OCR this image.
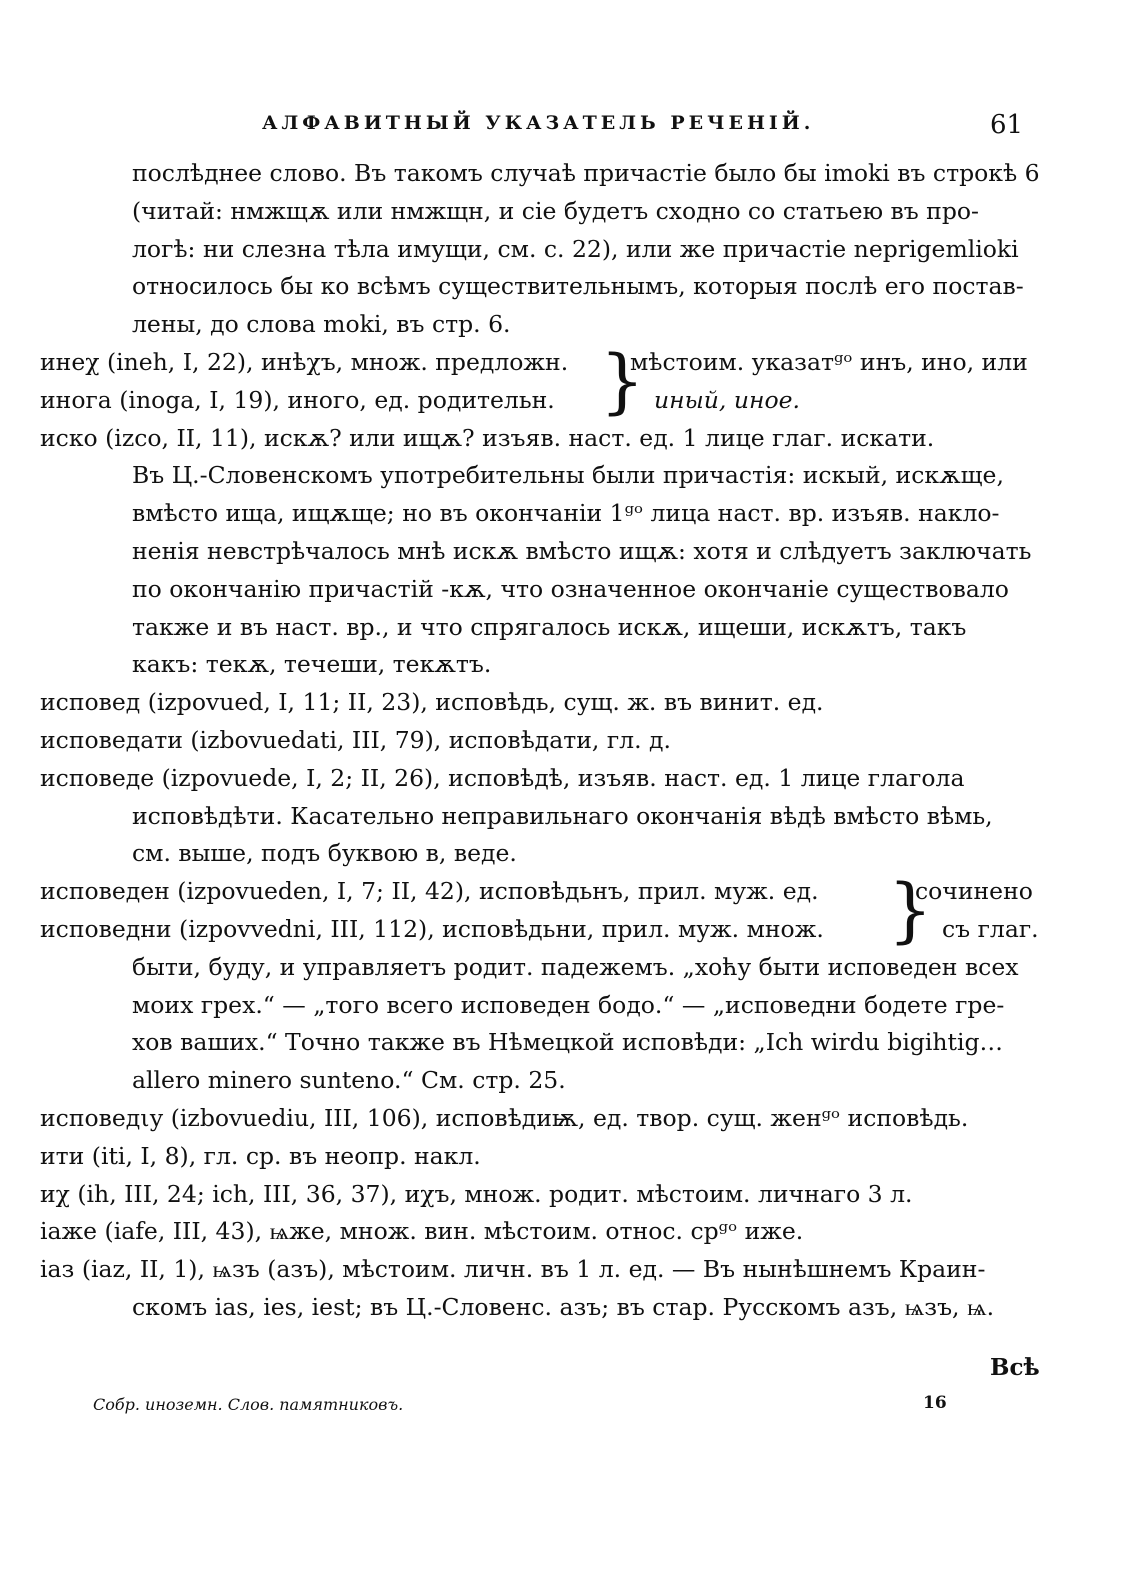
АЛФАВИТНЫЙ УКАЗАТЕЛЬ РЕЧЕНІЙ.	61
послѣднее слово. Въ такомъ случаѣ причастіе было бы imoki въ строкѣ 6
(читай: нмжщѫ или нмжщн, и сіе будетъ сходно со статьею въ про-
логѣ: ни слезна тѣла имущи, см. с. 22), или же причастіе neprigemlioki
относилось бы ко всѣмъ существительнымъ, которыя послѣ его постав-
лены, до слова moki, въ стр. 6.
инеχ (ineh, I, 22), инѣχъ, множ. предложн.
инога (inoga, I, 19), иного, ед. родительн. }
мѣстоим. указатᵍᵒ инъ, ино, или
иный, иное.
иско (izco, II, 11), искѫ? или ищѫ? изъяв. наст. ед. 1 лице глаг. искати.
Въ Ц.-Словенскомъ употребительны были причастія: искый, искѫще,
вмѣсто ища, ищѫще; но въ окончаніи 1ᵍᵒ лица наст. вр. изъяв. наклo-
ненія невстрѣчалось мнѣ искѫ вмѣсто ищѫ: хотя и слѣдуетъ заключать
по окончанію причастій -кѫ, что означенное окончаніе существовало
также и въ наст. вр., и что спрягалось искѫ, ищеши, искѫтъ, такъ
какъ: текѫ, течеши, текѫтъ.
исповед (izpovued, I, 11; II, 23), исповѣдь, сущ. ж. въ винит. ед.
исповедати (izbovuedati, III, 79), исповѣдати, гл. д.
исповеде (izpovuede, I, 2; II, 26), исповѣдѣ, изъяв. наст. ед. 1 лице глагола
исповѣдѣти. Касательно неправильнаго окончанія вѣдѣ вмѣсто вѣмь,
см. выше, подъ буквою в, веде.
исповеден (izpovueden, I, 7; II, 42), исповѣдьнъ, прил. муж. ед.
исповедни (izpovvedni, III, 112), исповѣдьни, прил. муж. множ. }
сочинено
съ глаг.
быти, буду, и управляетъ родит. падежемъ. „хоћу быти исповеден всех
моих грех.“ — „того всего исповеден бодо.“ — „исповедни бодете гре-
хов ваших.“ Точно также въ Нѣмецкой исповѣди: „Ich wirdu bigihtig…
allero minero sunteno.“ См. стр. 25.
исповедιу (izbovuediu, III, 106), исповѣдиѭ, ед. твор. сущ. женᵍᵒ исповѣдь.
ити (iti, I, 8), гл. ср. въ неопр. накл.
иχ (ih, III, 24; ich, III, 36, 37), иχъ, множ. родит. мѣстоим. личнаго 3 л.
іаже (iafe, III, 43), ѩже, множ. вин. мѣстоим. относ. срᵍᵒ иже.
іаз (iaz, II, 1), ѩзъ (азъ), мѣстоим. личн. въ 1 л. ед. — Въ нынѣшнемъ Краин-
скомъ ias, ies, iest; въ Ц.-Словенс. азъ; въ стар. Русскомъ азъ, ѩзъ, ѩ.
Всѣ
Собр. иноземн. Слов. памятниковъ.	16
